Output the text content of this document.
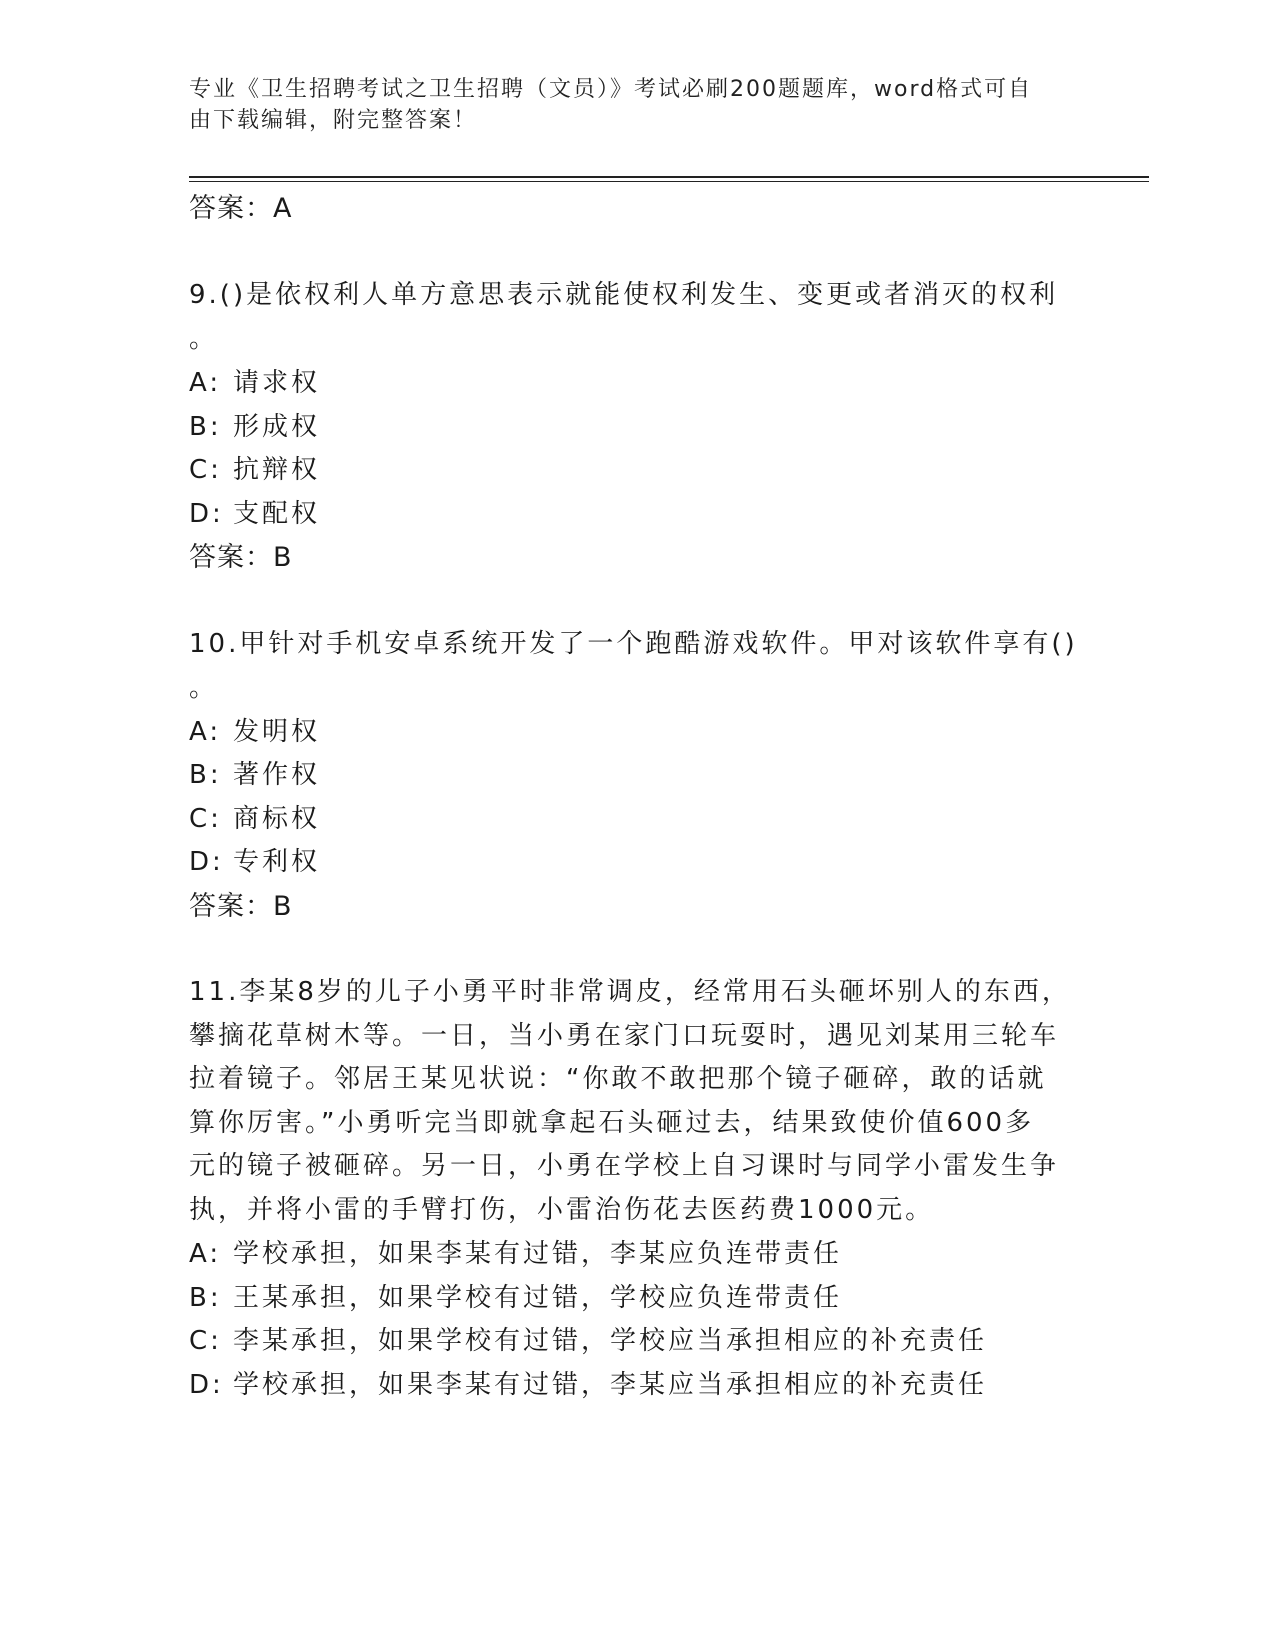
专业《卫生招聘考试之卫生招聘（文员）》考试必刷200题题库，word格式可自
由下载编辑，附完整答案！
答案：A
9.()是依权利人单方意思表示就能使权利发生、变更或者消灭的权利
。
A: 请求权
B: 形成权
C: 抗辩权
D: 支配权
答案：B
10.甲针对手机安卓系统开发了一个跑酷游戏软件。甲对该软件享有()
。
A: 发明权
B: 著作权
C: 商标权
D: 专利权
答案：B
11.李某8岁的儿子小勇平时非常调皮，经常用石头砸坏别人的东西，
攀摘花草树木等。一日，当小勇在家门口玩耍时，遇见刘某用三轮车
拉着镜子。邻居王某见状说：“你敢不敢把那个镜子砸碎，敢的话就
算你厉害。”小勇听完当即就拿起石头砸过去，结果致使价值600多
元的镜子被砸碎。另一日，小勇在学校上自习课时与同学小雷发生争
执，并将小雷的手臂打伤，小雷治伤花去医药费1000元。
A: 学校承担，如果李某有过错，李某应负连带责任
B: 王某承担，如果学校有过错，学校应负连带责任
C: 李某承担，如果学校有过错，学校应当承担相应的补充责任
D: 学校承担，如果李某有过错，李某应当承担相应的补充责任
